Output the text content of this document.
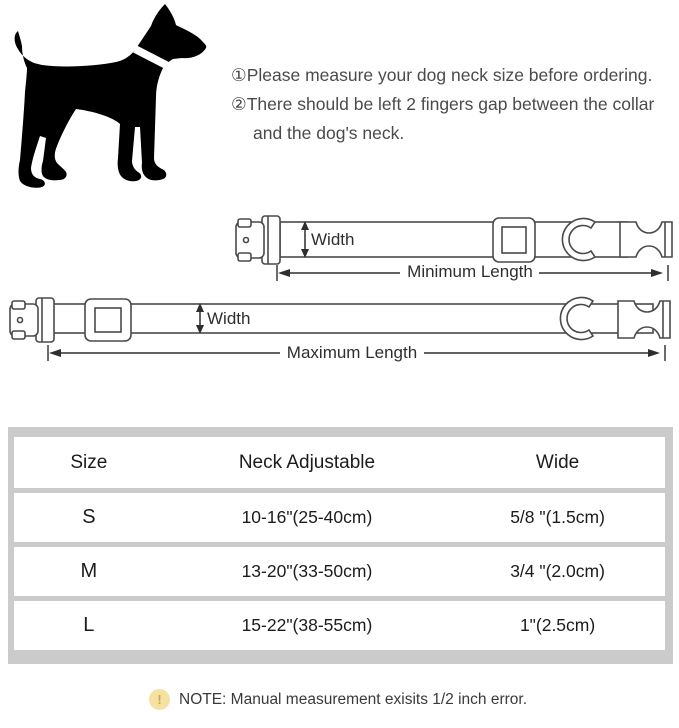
①Please measure your dog neck size before ordering.

②There should be left 2 fingers gap between the collar and the dog's neck.

Width
Minimum Length
Width
Maximum Length
Size	Neck Adjustable	Wide
S	10-16"(25-40cm)	5/8 "(1.5cm)
M	13-20"(33-50cm)	3/4 "(2.0cm)
L	15-22"(38-55cm)	1"(2.5cm)
!	NOTE: Manual measurement exisits 1/2 inch error.
